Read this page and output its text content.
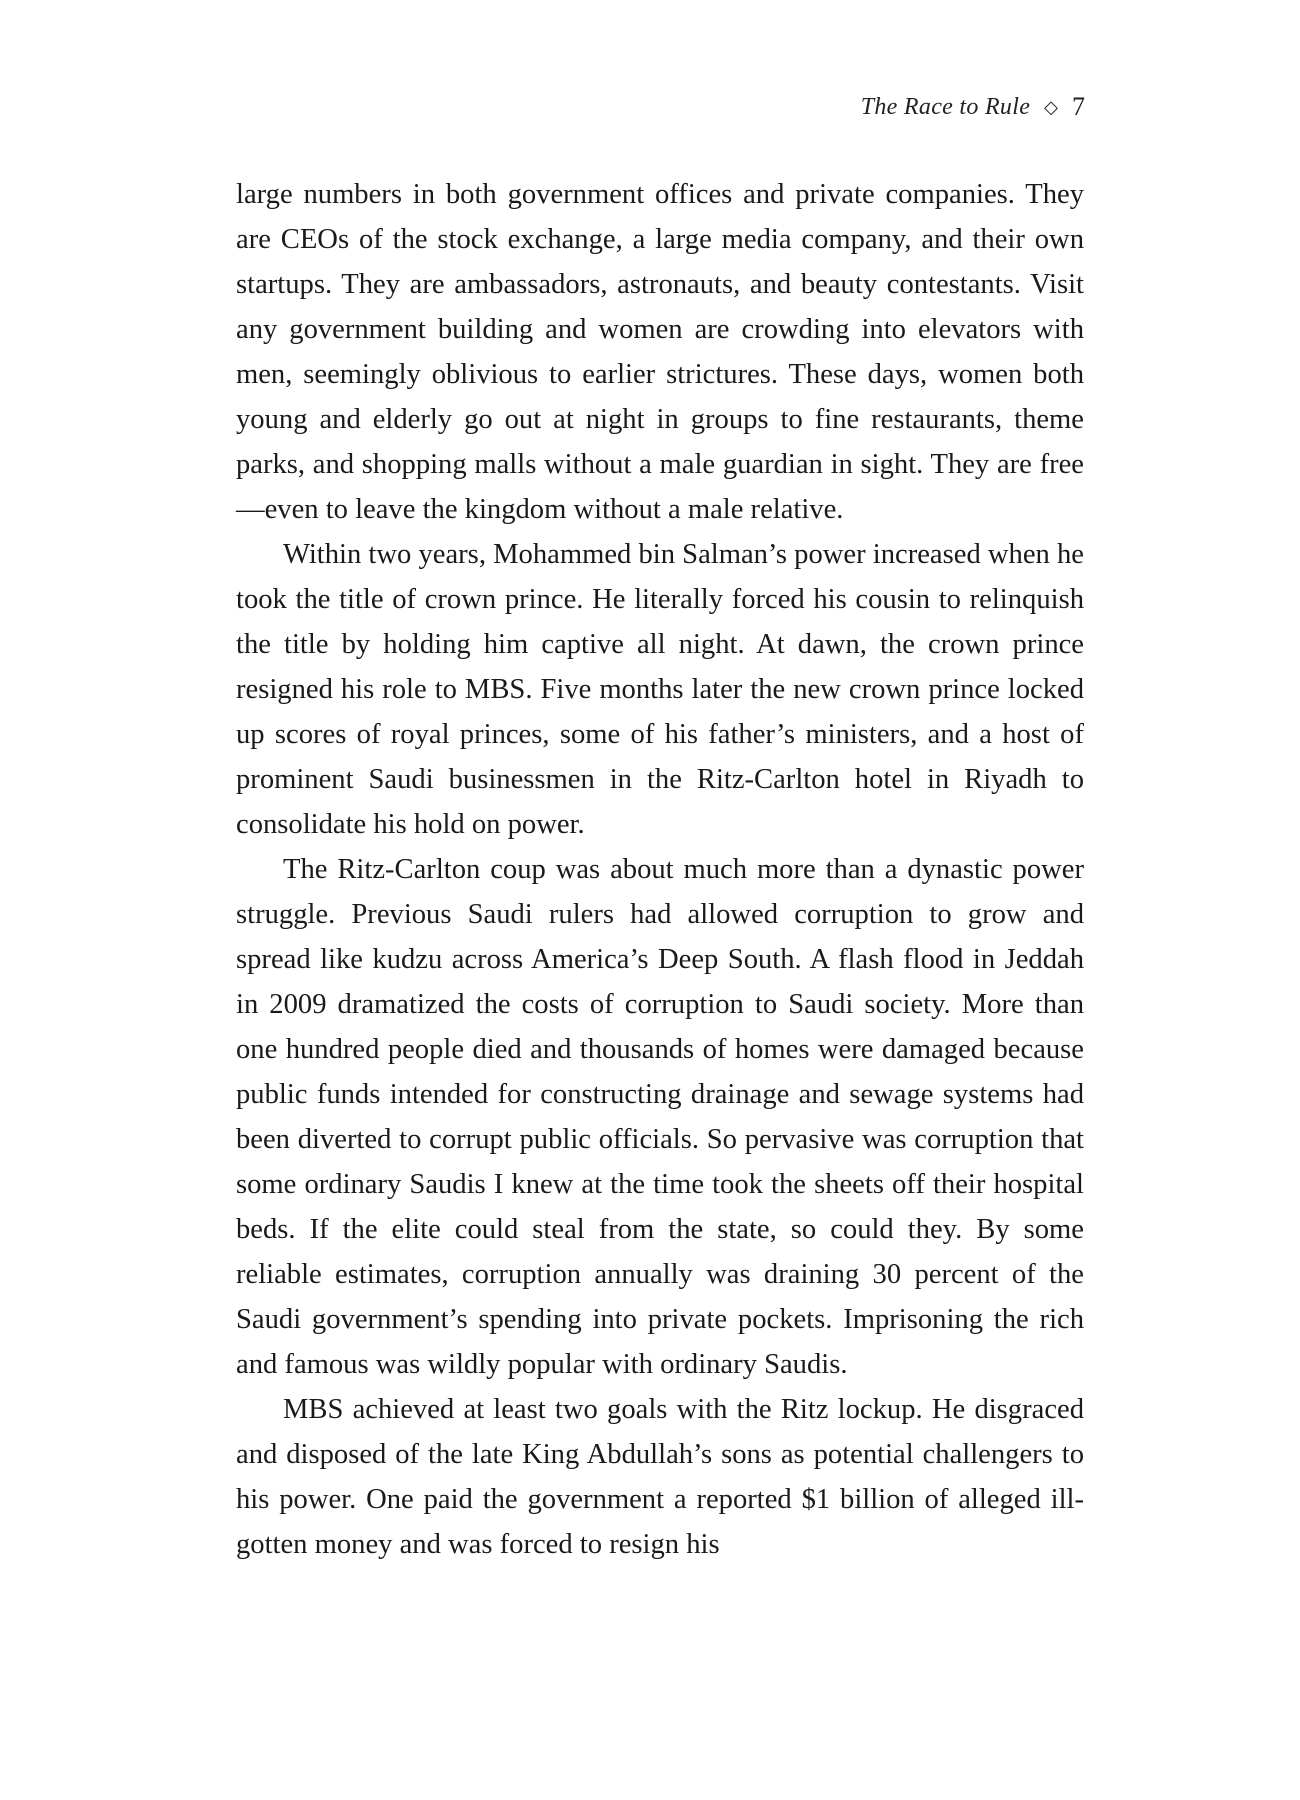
The Race to Rule ◇ 7

large numbers in both government offices and private companies. They are CEOs of the stock exchange, a large media company, and their own startups. They are ambassadors, astronauts, and beauty contestants. Visit any government building and women are crowding into elevators with men, seemingly oblivious to earlier strictures. These days, women both young and elderly go out at night in groups to fine restaurants, theme parks, and shopping malls without a male guardian in sight. They are free—even to leave the kingdom without a male relative.

Within two years, Mohammed bin Salman’s power increased when he took the title of crown prince. He literally forced his cousin to relinquish the title by holding him captive all night. At dawn, the crown prince resigned his role to MBS. Five months later the new crown prince locked up scores of royal princes, some of his father’s ministers, and a host of prominent Saudi businessmen in the Ritz-Carlton hotel in Riyadh to consolidate his hold on power.

The Ritz-Carlton coup was about much more than a dynastic power struggle. Previous Saudi rulers had allowed corruption to grow and spread like kudzu across America’s Deep South. A flash flood in Jeddah in 2009 dramatized the costs of corruption to Saudi society. More than one hundred people died and thousands of homes were damaged because public funds intended for constructing drainage and sewage systems had been diverted to corrupt public officials. So pervasive was corruption that some ordinary Saudis I knew at the time took the sheets off their hospital beds. If the elite could steal from the state, so could they. By some reliable estimates, corruption annually was draining 30 percent of the Saudi government’s spending into private pockets. Imprisoning the rich and famous was wildly popular with ordinary Saudis.

MBS achieved at least two goals with the Ritz lockup. He disgraced and disposed of the late King Abdullah’s sons as potential challengers to his power. One paid the government a reported $1 billion of alleged ill-gotten money and was forced to resign his
